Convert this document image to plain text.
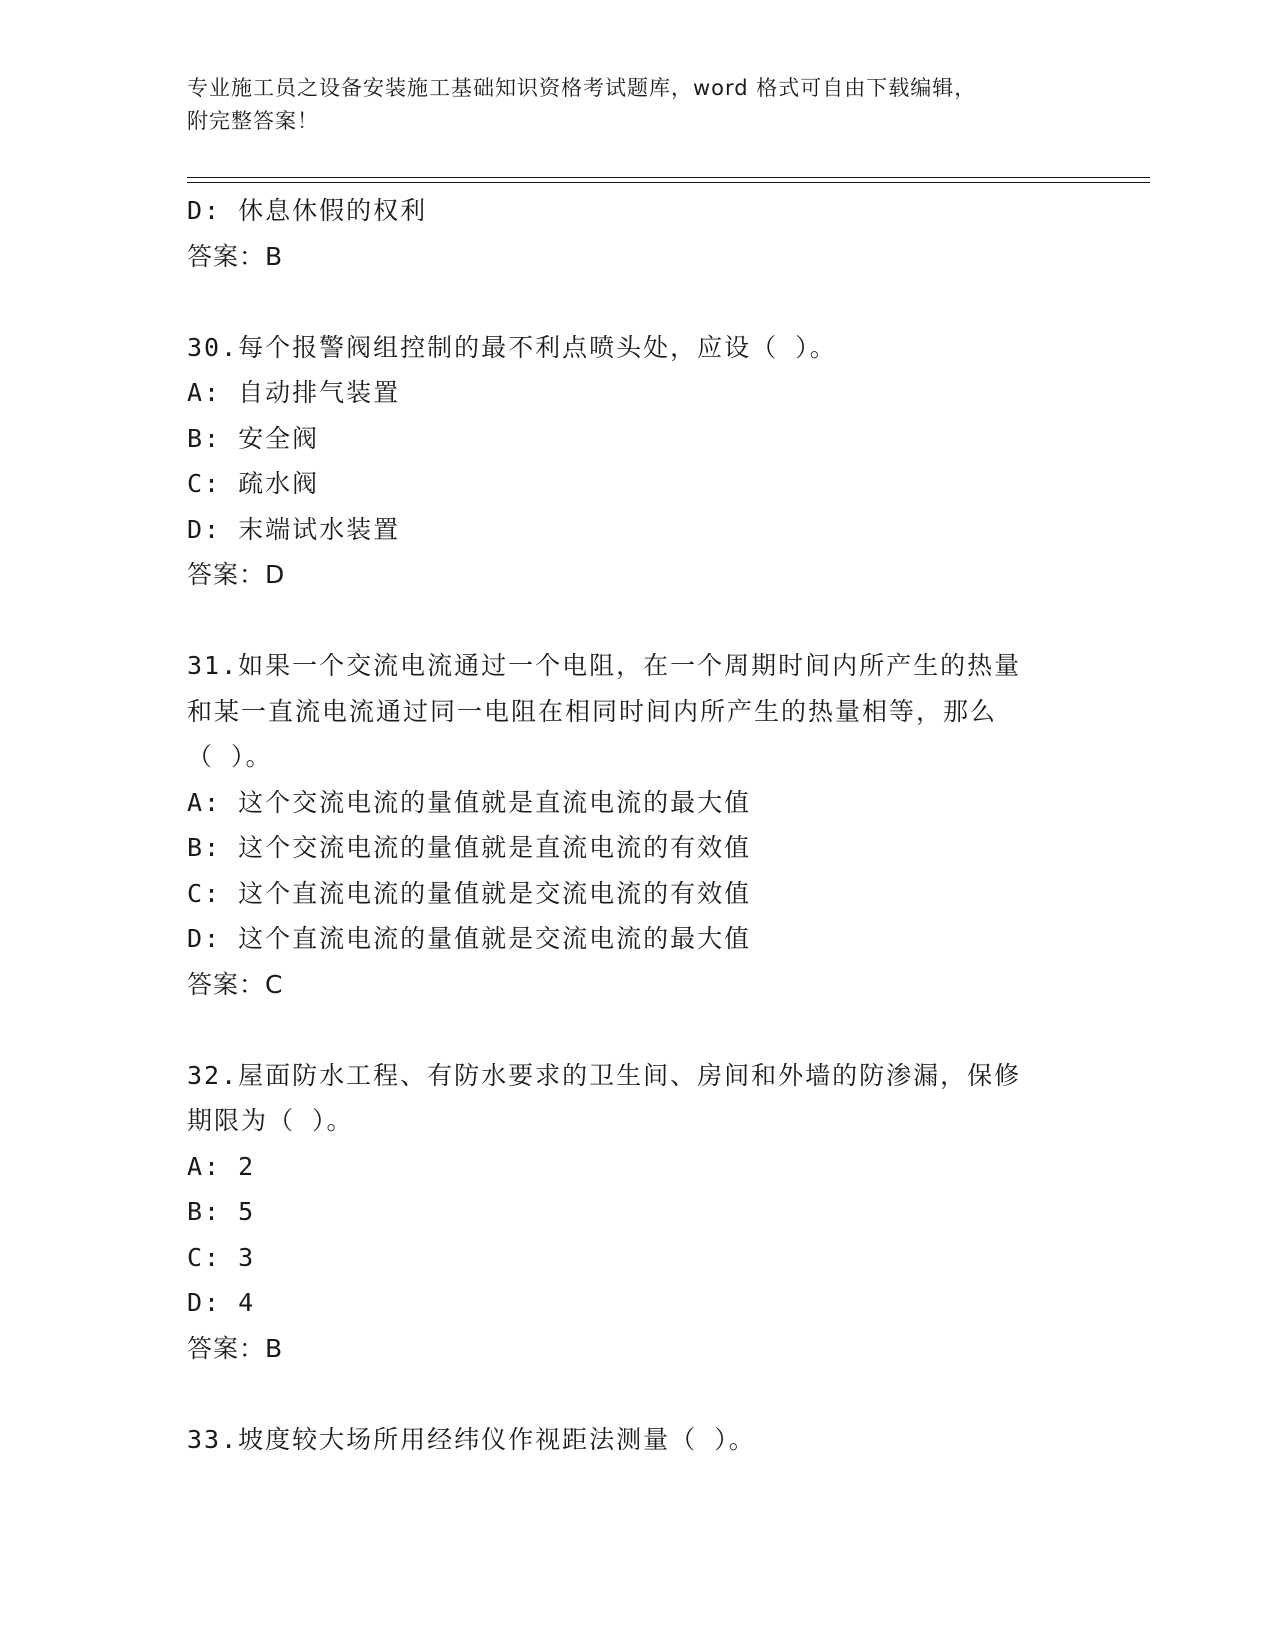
专业施工员之设备安装施工基础知识资格考试题库，word 格式可自由下载编辑，
附完整答案！
D: 休息休假的权利
答案：B
30.每个报警阀组控制的最不利点喷头处，应设（ ）。
A: 自动排气装置
B: 安全阀
C: 疏水阀
D: 末端试水装置
答案：D
31.如果一个交流电流通过一个电阻，在一个周期时间内所产生的热量
和某一直流电流通过同一电阻在相同时间内所产生的热量相等，那么
（ ）。
A: 这个交流电流的量值就是直流电流的最大值
B: 这个交流电流的量值就是直流电流的有效值
C: 这个直流电流的量值就是交流电流的有效值
D: 这个直流电流的量值就是交流电流的最大值
答案：C
32.屋面防水工程、有防水要求的卫生间、房间和外墙的防渗漏，保修
期限为（ ）。
A: 2
B: 5
C: 3
D: 4
答案：B
33.坡度较大场所用经纬仪作视距法测量（ ）。
